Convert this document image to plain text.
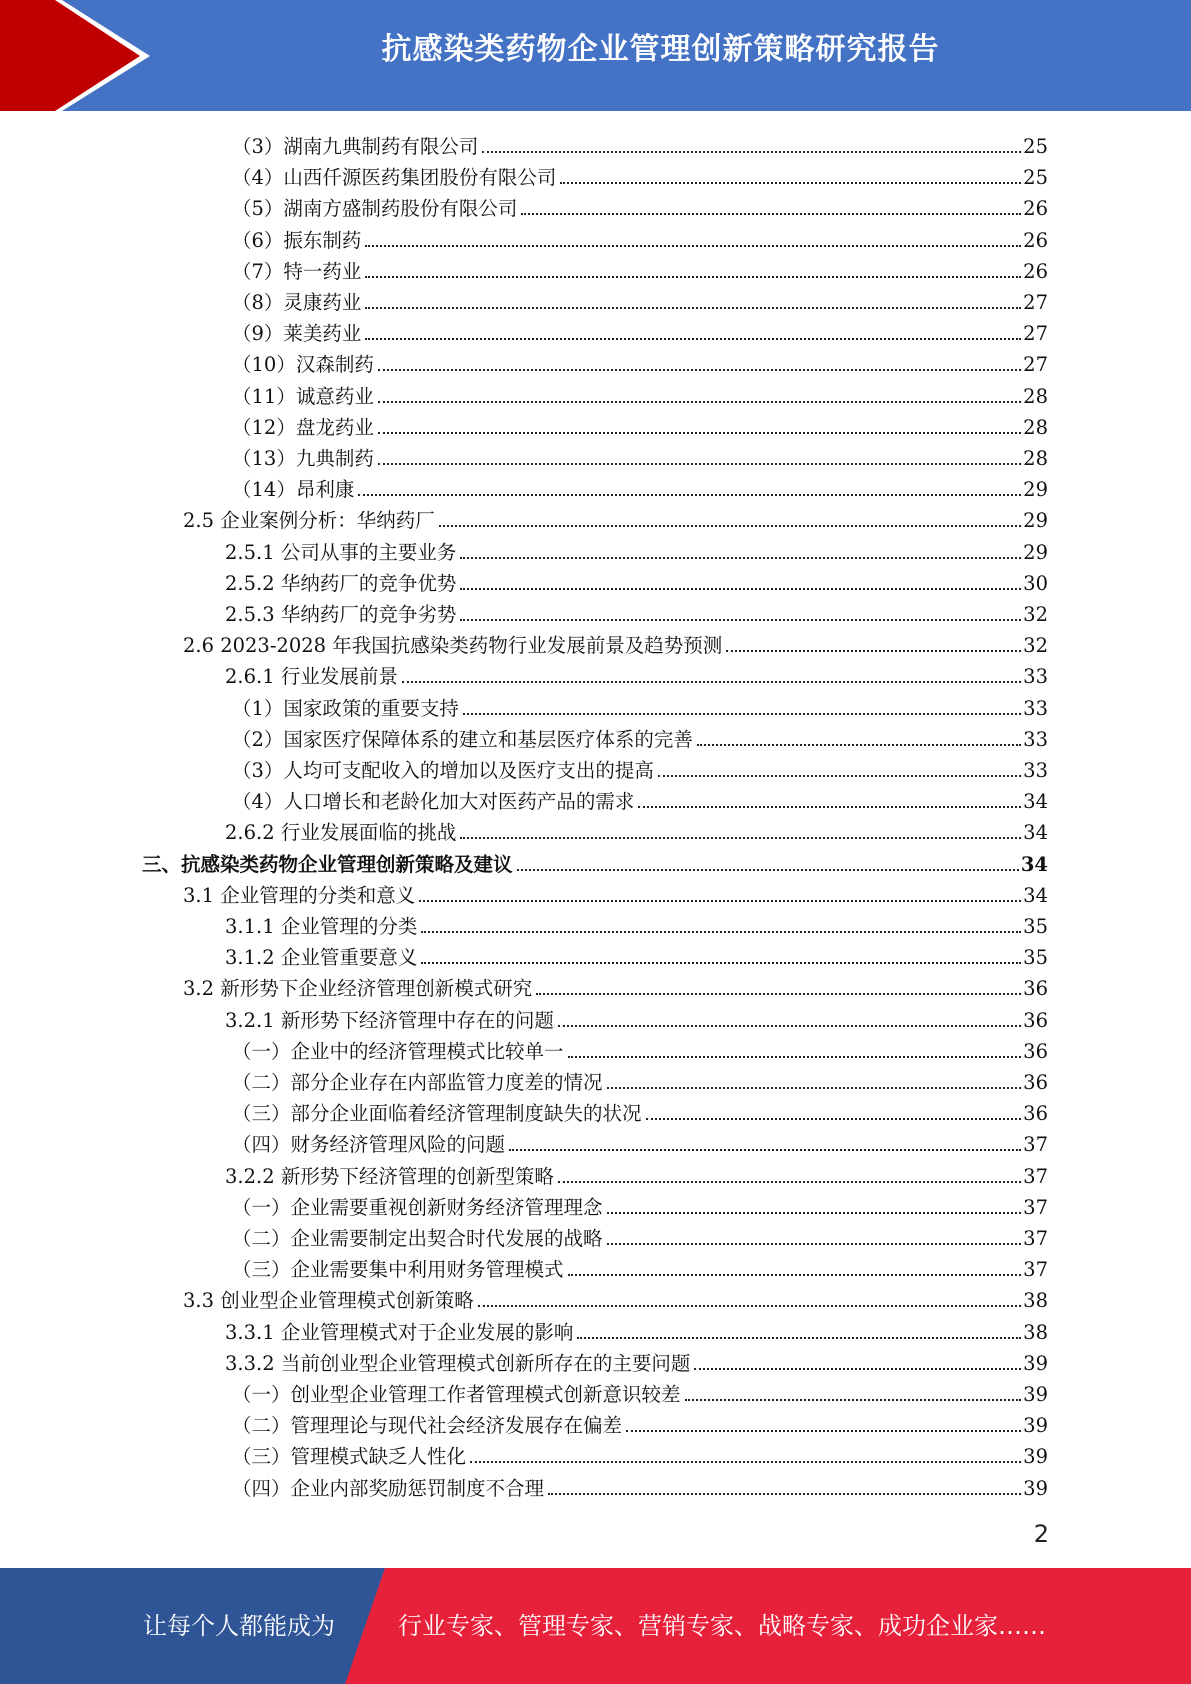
抗感染类药物企业管理创新策略研究报告
（3）湖南九典制药有限公司	25
（4）山西仟源医药集团股份有限公司	25
（5）湖南方盛制药股份有限公司	26
（6）振东制药	26
（7）特一药业	26
（8）灵康药业	27
（9）莱美药业	27
（10）汉森制药	27
（11）诚意药业	28
（12）盘龙药业	28
（13）九典制药	28
（14）昂利康	29
2.5 企业案例分析：华纳药厂	29
2.5.1 公司从事的主要业务	29
2.5.2 华纳药厂的竞争优势	30
2.5.3 华纳药厂的竞争劣势	32
2.6 2023-2028 年我国抗感染类药物行业发展前景及趋势预测	32
2.6.1 行业发展前景	33
（1）国家政策的重要支持	33
（2）国家医疗保障体系的建立和基层医疗体系的完善	33
（3）人均可支配收入的增加以及医疗支出的提高	33
（4）人口增长和老龄化加大对医药产品的需求	34
2.6.2 行业发展面临的挑战	34
三、抗感染类药物企业管理创新策略及建议	34
3.1 企业管理的分类和意义	34
3.1.1 企业管理的分类	35
3.1.2 企业管重要意义	35
3.2 新形势下企业经济管理创新模式研究	36
3.2.1 新形势下经济管理中存在的问题	36
（一）企业中的经济管理模式比较单一	36
（二）部分企业存在内部监管力度差的情况	36
（三）部分企业面临着经济管理制度缺失的状况	36
（四）财务经济管理风险的问题	37
3.2.2 新形势下经济管理的创新型策略	37
（一）企业需要重视创新财务经济管理理念	37
（二）企业需要制定出契合时代发展的战略	37
（三）企业需要集中利用财务管理模式	37
3.3 创业型企业管理模式创新策略	38
3.3.1 企业管理模式对于企业发展的影响	38
3.3.2 当前创业型企业管理模式创新所存在的主要问题	39
（一）创业型企业管理工作者管理模式创新意识较差	39
（二）管理理论与现代社会经济发展存在偏差	39
（三）管理模式缺乏人性化	39
（四）企业内部奖励惩罚制度不合理	39
2
让每个人都能成为	行业专家、管理专家、营销专家、战略专家、成功企业家……
